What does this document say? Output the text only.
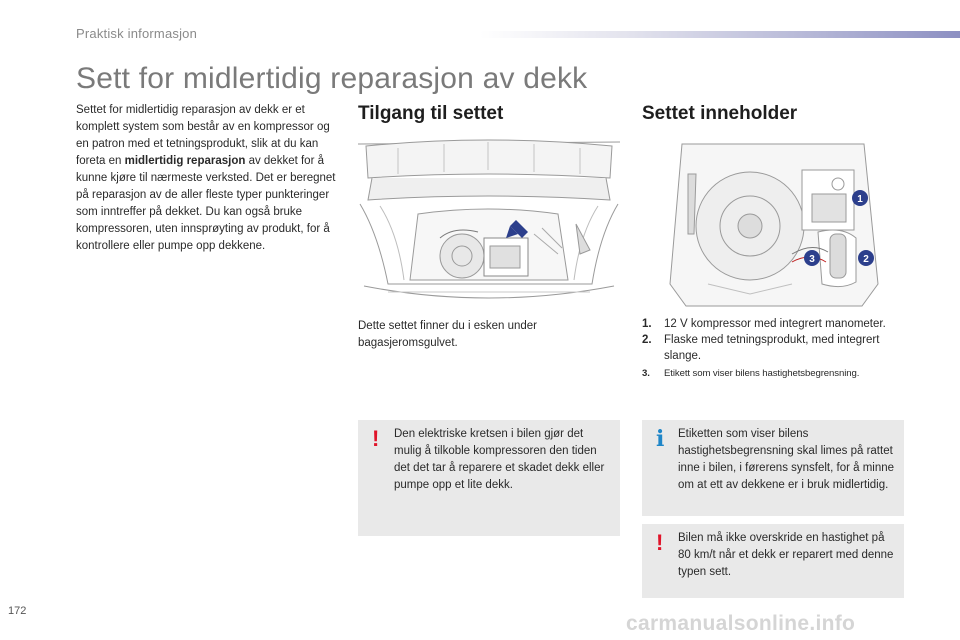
Praktisk informasjon
Sett for midlertidig reparasjon av dekk

Settet for midlertidig reparasjon av dekk er et komplett system som består av en kompressor og en patron med et tetningsprodukt, slik at du kan foreta en midlertidig reparasjon av dekket for å kunne kjøre til nærmeste verksted. Det er beregnet på reparasjon av de aller fleste typer punkteringer som inntreffer på dekket. Du kan også bruke kompressoren, uten innsprøyting av produkt, for å kontrollere eller pumpe opp dekkene.

Tilgang til settet	Settet inneholder
1
2
3

Dette settet finner du i esken under bagasjeromsgulvet.

1.	12 V kompressor med integrert manometer.
2.	Flaske med tetningsprodukt, med integrert slange.
3.	Etikett som viser bilens hastighetsbegrensning.
! Den elektriske kretsen i bilen gjør det mulig å tilkoble kompressoren den tiden det det tar å reparere et skadet dekk eller pumpe opp et lite dekk.

i Etiketten som viser bilens hastighetsbegrensning skal limes på rattet inne i bilen, i førerens synsfelt, for å minne om at ett av dekkene er i bruk midlertidig.

! Bilen må ikke overskride en hastighet på 80 km/t når et dekk er reparert med denne typen sett.

172
carmanualsonline.info
